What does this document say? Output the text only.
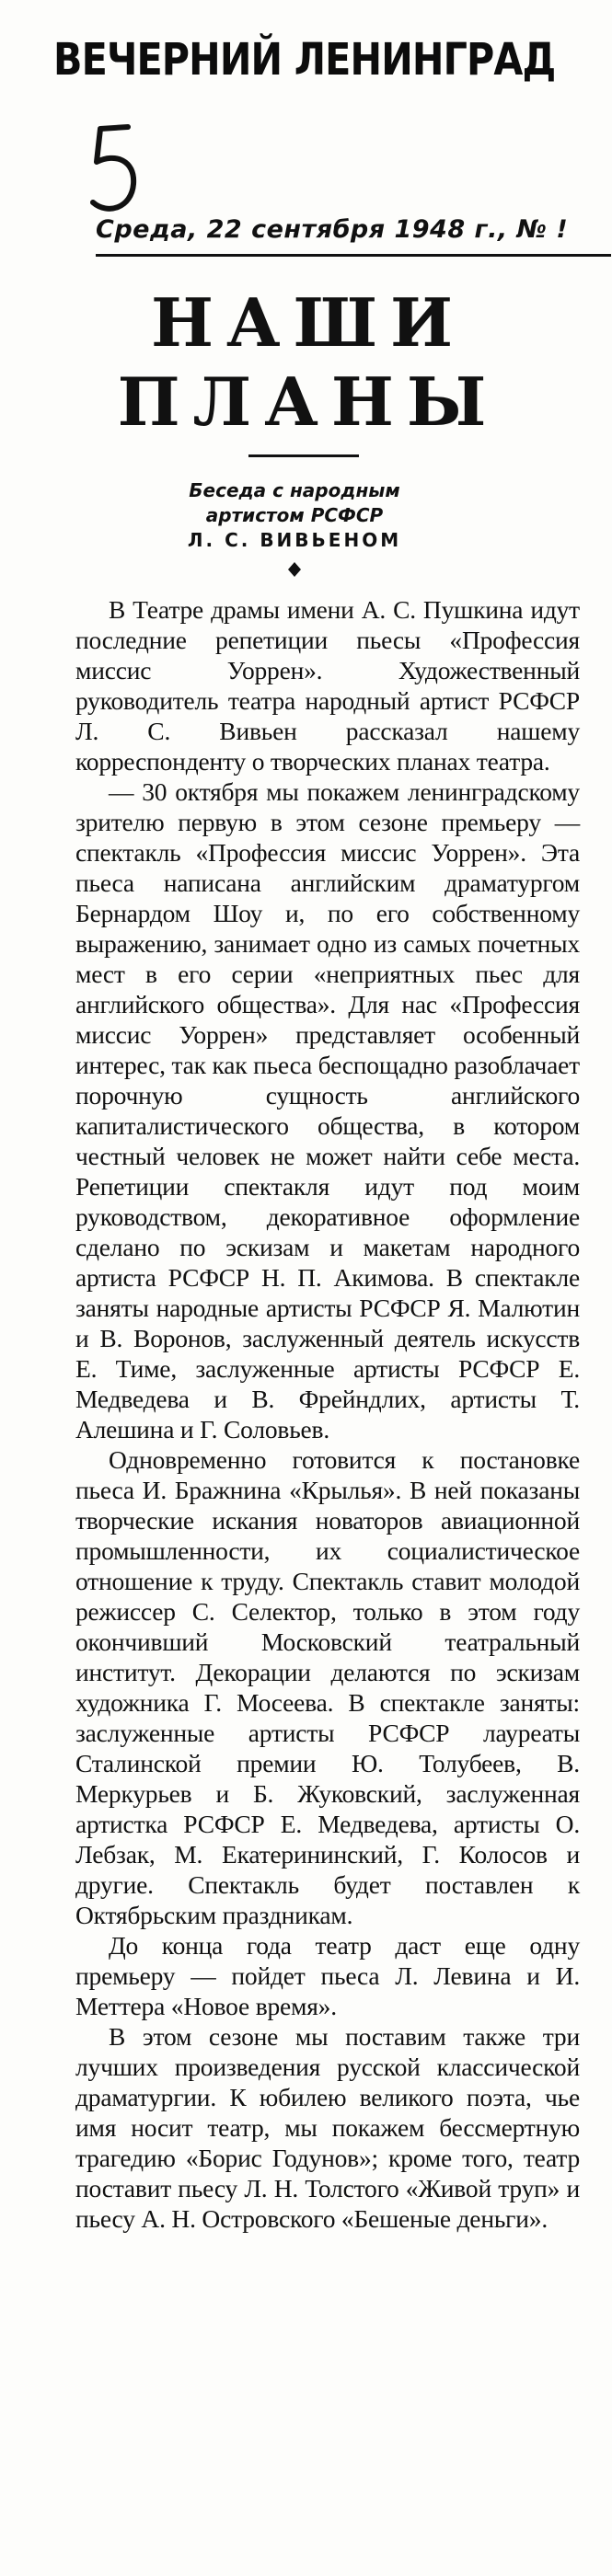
ВЕЧЕРНИЙ ЛЕНИНГРАД
Среда, 22 сентября 1948 г., № !
НАШИ
ПЛАНЫ
Беседа с народным
артистом РСФСР
Л. С. ВИВЬЕНОМ

В Театре драмы имени А. С. Пушкина идут последние репетиции пьесы «Профессия миссис Уоррен». Художественный руководитель театра народный артист РСФСР Л. С. Вивьен рассказал нашему корреспонденту о творческих планах театра.

— 30 октября мы покажем ленинградскому зрителю первую в этом сезоне премьеру — спектакль «Профессия миссис Уоррен». Эта пьеса написана английским драматургом Бернардом Шоу и, по его собственному выражению, занимает одно из самых почетных мест в его серии «неприятных пьес для английского общества». Для нас «Профессия миссис Уоррен» представляет особенный интерес, так как пьеса беспощадно разоблачает порочную сущность английского капиталистического общества, в котором честный человек не может найти себе места. Репетиции спектакля идут под моим руководством, декоративное оформление сделано по эскизам и макетам народного артиста РСФСР Н. П. Акимова. В спектакле заняты народные артисты РСФСР Я. Малютин и В. Воронов, заслуженный деятель искусств Е. Тиме, заслуженные артисты РСФСР Е. Медведева и В. Фрейндлих, артисты Т. Алешина и Г. Соловьев.

Одновременно готовится к постановке пьеса И. Бражнина «Крылья». В ней показаны творческие искания новаторов авиационной промышленности, их социалистическое отношение к труду. Спектакль ставит молодой режиссер С. Селектор, только в этом году окончивший Московский театральный институт. Декорации делаются по эскизам художника Г. Мосеева. В спектакле заняты: заслуженные артисты РСФСР лауреаты Сталинской премии Ю. Толубеев, В. Меркурьев и Б. Жуковский, заслуженная артистка РСФСР Е. Медведева, артисты О. Лебзак, М. Екатерининский, Г. Колосов и другие. Спектакль будет поставлен к Октябрьским праздникам.

До конца года театр даст еще одну премьеру — пойдет пьеса Л. Левина и И. Меттера «Новое время».

В этом сезоне мы поставим также три лучших произведения русской классической драматургии. К юбилею великого поэта, чье имя носит театр, мы покажем бессмертную трагедию «Борис Годунов»; кроме того, театр поставит пьесу Л. Н. Толстого «Живой труп» и пьесу А. Н. Островского «Бешеные деньги».
